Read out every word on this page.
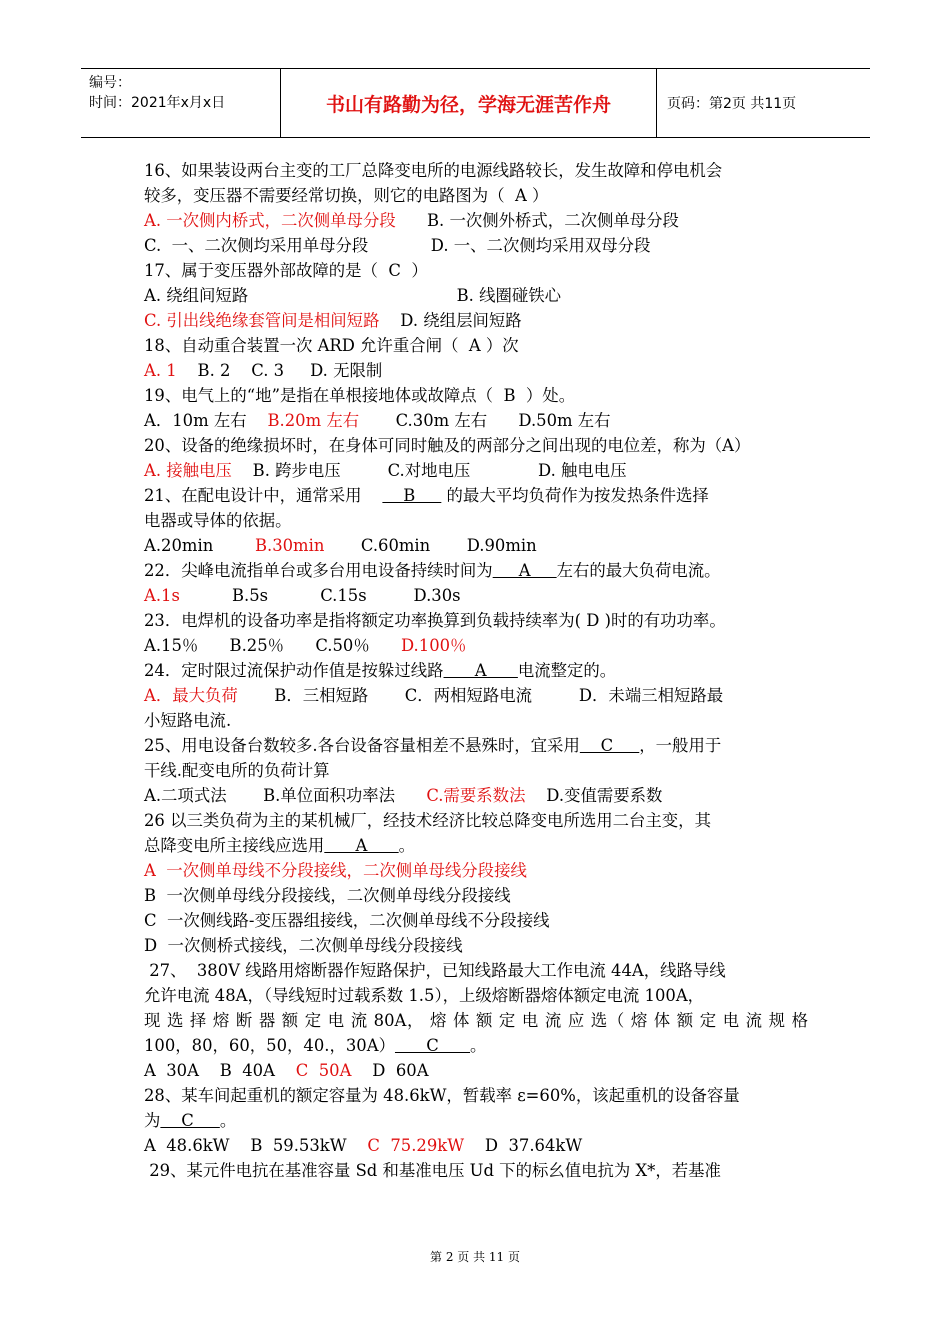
编号：
时间：2021年x月x日	书山有路勤为径，学海无涯苦作舟	页码：第2页 共11页
16、如果装设两台主变的工厂总降变电所的电源线路较长，发生故障和停电机会
较多，变压器不需要经常切换，则它的电路图为（  A ）
A. 一次侧内桥式，二次侧单母分段      B. 一次侧外桥式，二次侧单母分段
C.  一、二次侧均采用单母分段            D. 一、二次侧均采用双母分段
17、属于变压器外部故障的是（  C  ）
A. 绕组间短路                                        B. 线圈碰铁心
C. 引出线绝缘套管间是相间短路    D. 绕组层间短路
18、自动重合装置一次 ARD 允许重合闸（  A ）次
A. 1    B. 2    C. 3     D. 无限制
19、电气上的“地”是指在单根接地体或故障点（  B  ）处。
A．10m 左右    B.20m 左右       C.30m 左右      D.50m 左右
20、设备的绝缘损坏时，在身体可同时触及的两部分之间出现的电位差，称为（A）
A. 接触电压    B. 跨步电压         C.对地电压             D. 触电电压
21、在配电设计中，通常采用        B      的最大平均负荷作为按发热条件选择
电器或导体的依据。
A.20min        B.30min       C.60min       D.90min
22．尖峰电流指单台或多台用电设备持续时间为     A     左右的最大负荷电流。
A.1s          B.5s          C.15s         D.30s
23．电焊机的设备功率是指将额定功率换算到负载持续率为( D )时的有功功率。
A.15％      B.25％      C.50％      D.100％
24．定时限过流保护动作值是按躲过线路      A      电流整定的。
A．最大负荷       B．三相短路       C．两相短路电流         D．未端三相短路最
小短路电流.
25、用电设备台数较多.各台设备容量相差不悬殊时，宜采用    C     ，一般用于
干线.配变电所的负荷计算
A.二项式法       B.单位面积功率法      C.需要系数法    D.变值需要系数
26 以三类负荷为主的某机械厂，经技术经济比较总降变电所选用二台主变，其
总降变电所主接线应选用      A      。
A  一次侧单母线不分段接线，二次侧单母线分段接线
B  一次侧单母线分段接线，二次侧单母线分段接线
C  一次侧线路-变压器组接线，二次侧单母线不分段接线
D  一次侧桥式接线，二次侧单母线分段接线
27、  380V 线路用熔断器作短路保护，已知线路最大工作电流 44A，线路导线
允许电流 48A，（导线短时过载系数 1.5），上级熔断器熔体额定电流 100A，
现 选 择 熔 断 器 额 定 电 流 80A， 熔 体 额 定 电 流 应 选（ 熔 体 额 定 电 流 规 格
100，80，60，50，40.，30A）      C      。
A  30A    B  40A    C  50A    D  60A
28、某车间起重机的额定容量为 48.6kW，暂载率 ε=60%，该起重机的设备容量
为    C     。
A  48.6kW    B  59.53kW    C  75.29kW    D  37.64kW
29、某元件电抗在基准容量 Sd 和基准电压 Ud 下的标幺值电抗为 X*，若基准
第 2 页 共 11 页
